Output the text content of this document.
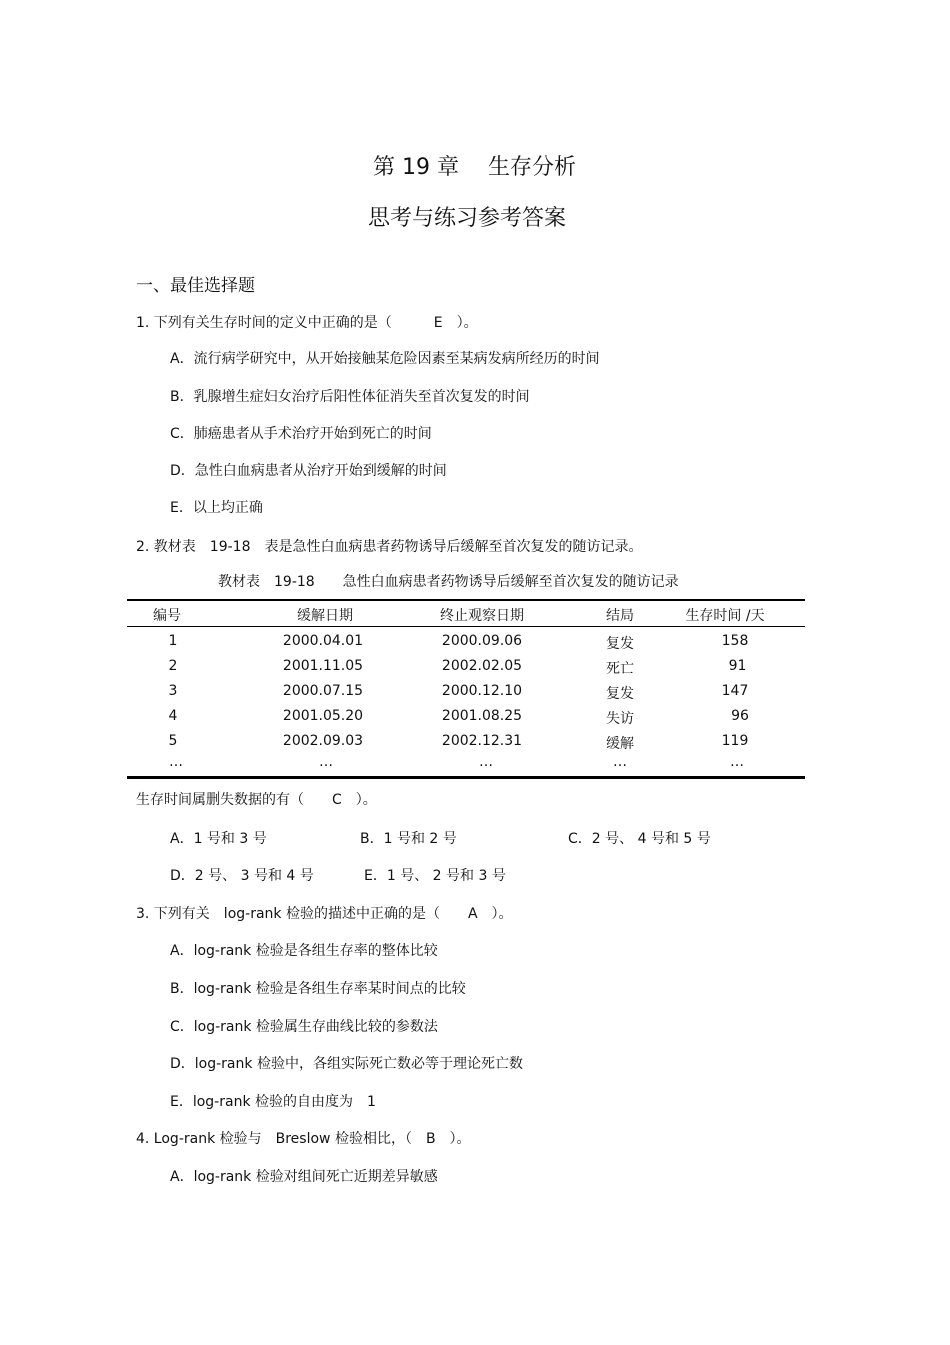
第 19 章　 生存分析
思考与练习参考答案
一、最佳选择题
1. 下列有关生存时间的定义中正确的是（　　　E　）。
A．流行病学研究中，从开始接触某危险因素至某病发病所经历的时间
B．乳腺增生症妇女治疗后阳性体征消失至首次复发的时间
C．肺癌患者从手术治疗开始到死亡的时间
D．急性白血病患者从治疗开始到缓解的时间
E．以上均正确
2. 教材表　19-18　表是急性白血病患者药物诱导后缓解至首次复发的随访记录。
教材表　19-18　　急性白血病患者药物诱导后缓解至首次复发的随访记录
编号	缓解日期	终止观察日期	结局	生存时间 /天
1	2000.04.01	2000.09.06	复发	158
2	2001.11.05	2002.02.05	死亡	91
3	2000.07.15	2000.12.10	复发	147
4	2001.05.20	2001.08.25	失访	96
5	2002.09.03	2002.12.31	缓解	119
…	…	…	…	…
生存时间属删失数据的有（　　C　）。
A．1 号和 3 号	B．1 号和 2 号	C．2 号、 4 号和 5 号
D．2 号、 3 号和 4 号	E．1 号、 2 号和 3 号
3. 下列有关　log-rank 检验的描述中正确的是（　　A　）。
A．log-rank 检验是各组生存率的整体比较
B．log-rank 检验是各组生存率某时间点的比较
C．log-rank 检验属生存曲线比较的参数法
D．log-rank 检验中，各组实际死亡数必等于理论死亡数
E．log-rank 检验的自由度为　1
4. Log-rank 检验与　Breslow 检验相比，（　B　）。
A．log-rank 检验对组间死亡近期差异敏感
